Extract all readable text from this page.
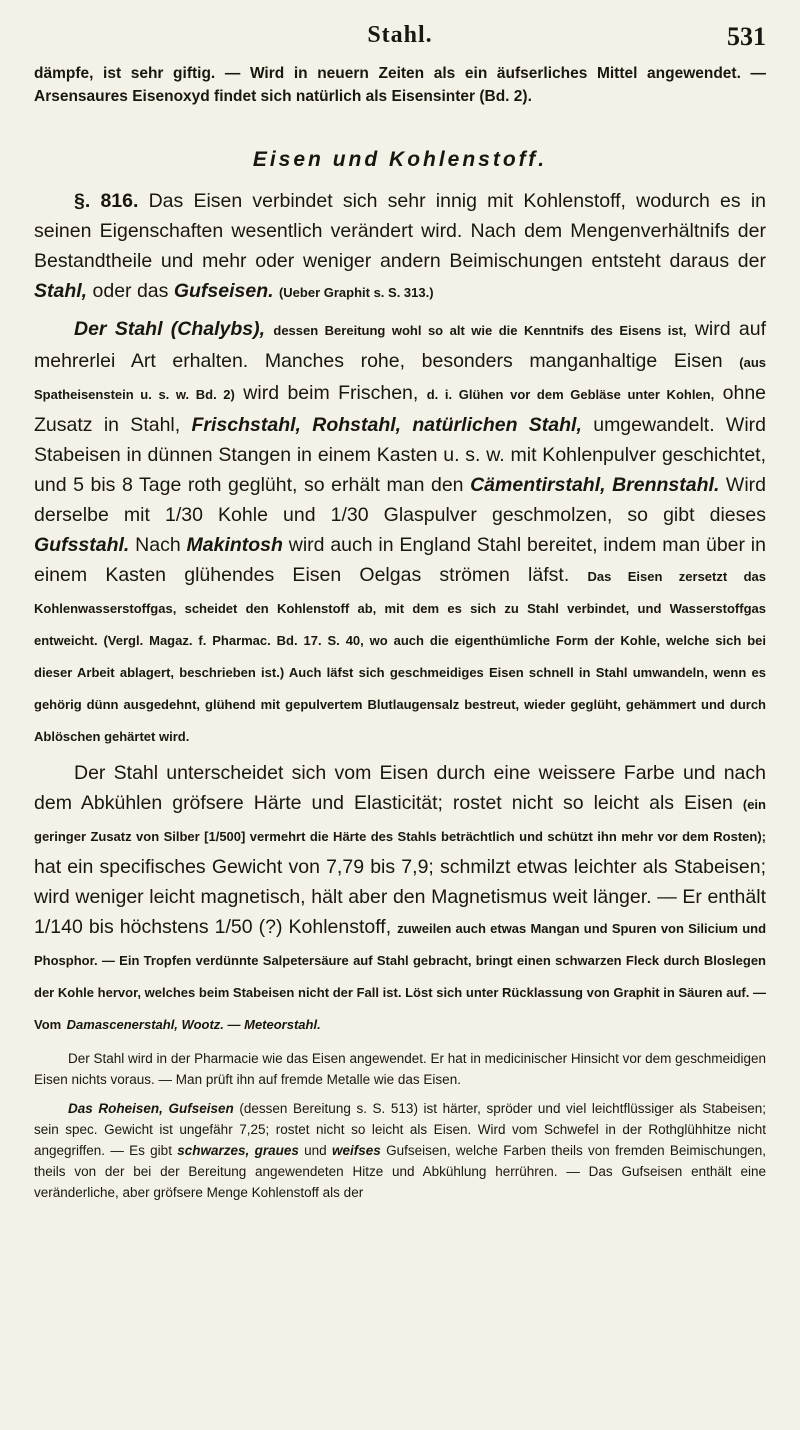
Stahl.	531

dämpfe, ist sehr giftig. — Wird in neuern Zeiten als ein äufserliches Mittel angewendet. — Arsensaures Eisenoxyd findet sich natürlich als Eisensinter (Bd. 2).

Eisen und Kohlenstoff.

§. 816. Das Eisen verbindet sich sehr innig mit Kohlenstoff, wodurch es in seinen Eigenschaften wesentlich verändert wird. Nach dem Mengenverhältnifs der Bestandtheile und mehr oder weniger andern Beimischungen entsteht daraus der Stahl, oder das Gufseisen. (Ueber Graphit s. S. 313.)

Der Stahl (Chalybs), dessen Bereitung wohl so alt wie die Kenntnifs des Eisens ist, wird auf mehrerlei Art erhalten. Manches rohe, besonders manganhaltige Eisen (aus Spatheisenstein u. s. w. Bd. 2) wird beim Frischen, d. i. Glühen vor dem Gebläse unter Kohlen, ohne Zusatz in Stahl, Frischstahl, Rohstahl, natürlichen Stahl, umgewandelt. Wird Stabeisen in dünnen Stangen in einem Kasten u. s. w. mit Kohlenpulver geschichtet, und 5 bis 8 Tage roth geglüht, so erhält man den Cämentirstahl, Brennstahl. Wird derselbe mit 1/30 Kohle und 1/30 Glaspulver geschmolzen, so gibt dieses Gufsstahl. Nach Makintosh wird auch in England Stahl bereitet, indem man über in einem Kasten glühendes Eisen Oelgas strömen läfst. Das Eisen zersetzt das Kohlenwasserstoffgas, scheidet den Kohlenstoff ab, mit dem es sich zu Stahl verbindet, und Wasserstoffgas entweicht. (Vergl. Magaz. f. Pharmac. Bd. 17. S. 40, wo auch die eigenthümliche Form der Kohle, welche sich bei dieser Arbeit ablagert, beschrieben ist.) Auch läfst sich geschmeidiges Eisen schnell in Stahl umwandeln, wenn es gehörig dünn ausgedehnt, glühend mit gepulvertem Blutlaugensalz bestreut, wieder geglüht, gehämmert und durch Ablöschen gehärtet wird.

Der Stahl unterscheidet sich vom Eisen durch eine weissere Farbe und nach dem Abkühlen gröfsere Härte und Elasticität; rostet nicht so leicht als Eisen (ein geringer Zusatz von Silber [1/500] vermehrt die Härte des Stahls beträchtlich und schützt ihn mehr vor dem Rosten); hat ein specifisches Gewicht von 7,79 bis 7,9; schmilzt etwas leichter als Stabeisen; wird weniger leicht magnetisch, hält aber den Magnetismus weit länger. — Er enthält 1/140 bis höchstens 1/50 (?) Kohlenstoff, zuweilen auch etwas Mangan und Spuren von Silicium und Phosphor. — Ein Tropfen verdünnte Salpetersäure auf Stahl gebracht, bringt einen schwarzen Fleck durch Bloslegen der Kohle hervor, welches beim Stabeisen nicht der Fall ist. Löst sich unter Rücklassung von Graphit in Säuren auf. — Vom Damascenerstahl, Wootz. — Meteorstahl.

Der Stahl wird in der Pharmacie wie das Eisen angewendet. Er hat in medicinischer Hinsicht vor dem geschmeidigen Eisen nichts voraus. — Man prüft ihn auf fremde Metalle wie das Eisen.

Das Roheisen, Gufseisen (dessen Bereitung s. S. 513) ist härter, spröder und viel leichtflüssiger als Stabeisen; sein spec. Gewicht ist ungefähr 7,25; rostet nicht so leicht als Eisen. Wird vom Schwefel in der Rothglühhitze nicht angegriffen. — Es gibt schwarzes, graues und weifses Gufseisen, welche Farben theils von fremden Beimischungen, theils von der bei der Bereitung angewendeten Hitze und Abkühlung herrühren. — Das Gufseisen enthält eine veränderliche, aber gröfsere Menge Kohlenstoff als der
